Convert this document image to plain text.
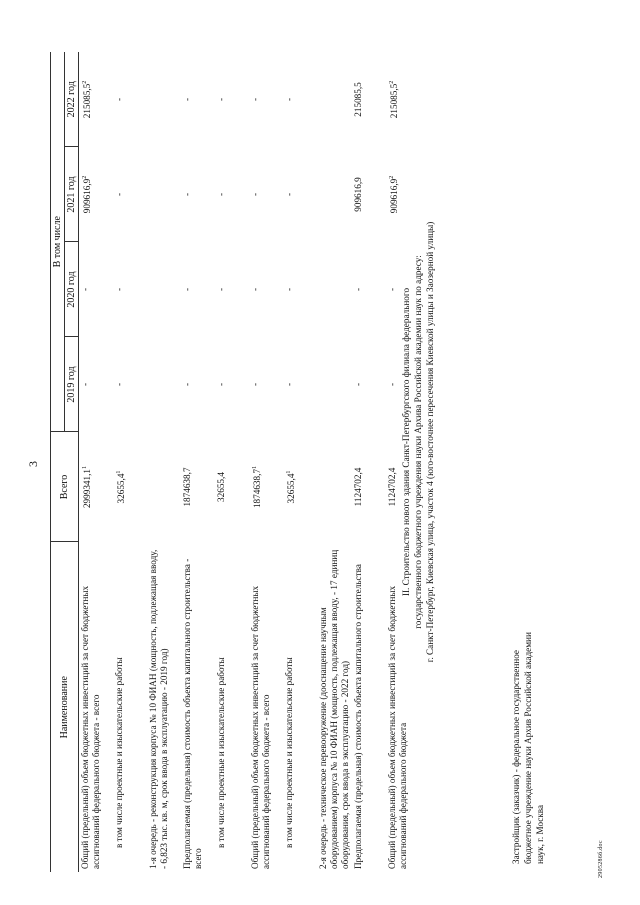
3
Наименование	Всего	В том числе			
		2019 год	2020 год	2021 год	2022 год
Общий (предельный) объем бюджетных инвестиций за счет бюджетных ассигнований федерального бюджета - всего	2999341,1$^1$	-	-	909616,9$^2$	215085,5$^2$
в том числе проектные и изыскательские работы	32655,4$^1$	-	-	-	-
1-я очередь - реконструкция корпуса № 10 ФИАН (мощность, подлежащая вводу, - 6,823 тыс. кв. м, срок ввода в эксплуатацию - 2019 год)					
Предполагаемая (предельная) стоимость объекта капитального строительства - всего	1874638,7	-	-	-	-
в том числе проектные и изыскательские работы	32655,4	-	-	-	-
Общий (предельный) объем бюджетных инвестиций за счет бюджетных ассигнований федерального бюджета - всего	1874638,7$^1$	-	-	-	-
в том числе проектные и изыскательские работы	32655,4$^1$	-	-	-	-
2-я очередь - техническое перевооружение (дооснащение научным оборудованием) корпуса № 10 ФИАН (мощность, подлежащая вводу, - 17 единиц оборудования, срок ввода в эксплуатацию - 2022 год)					
Предполагаемая (предельная) стоимость объекта капитального строительства	1124702,4	-	-	909616,9	215085,5
Общий (предельный) объем бюджетных инвестиций за счет бюджетных ассигнований федерального бюджета	1124702,4	-	-	909616,9$^2$	215085,5$^2$
II. Строительство нового здания Санкт-Петербургского филиала федерального государственного бюджетного учреждения науки Архива Российской академии наук по адресу: г. Санкт-Петербург, Киевская улица, участок 4 (юго-восточнее пересечения Киевской улицы и Заозерной улицы)
Застройщик (заказчик) - федеральное государственное бюджетное учреждение науки Архив Российской академии наук, г. Москва	2905286б.doc
